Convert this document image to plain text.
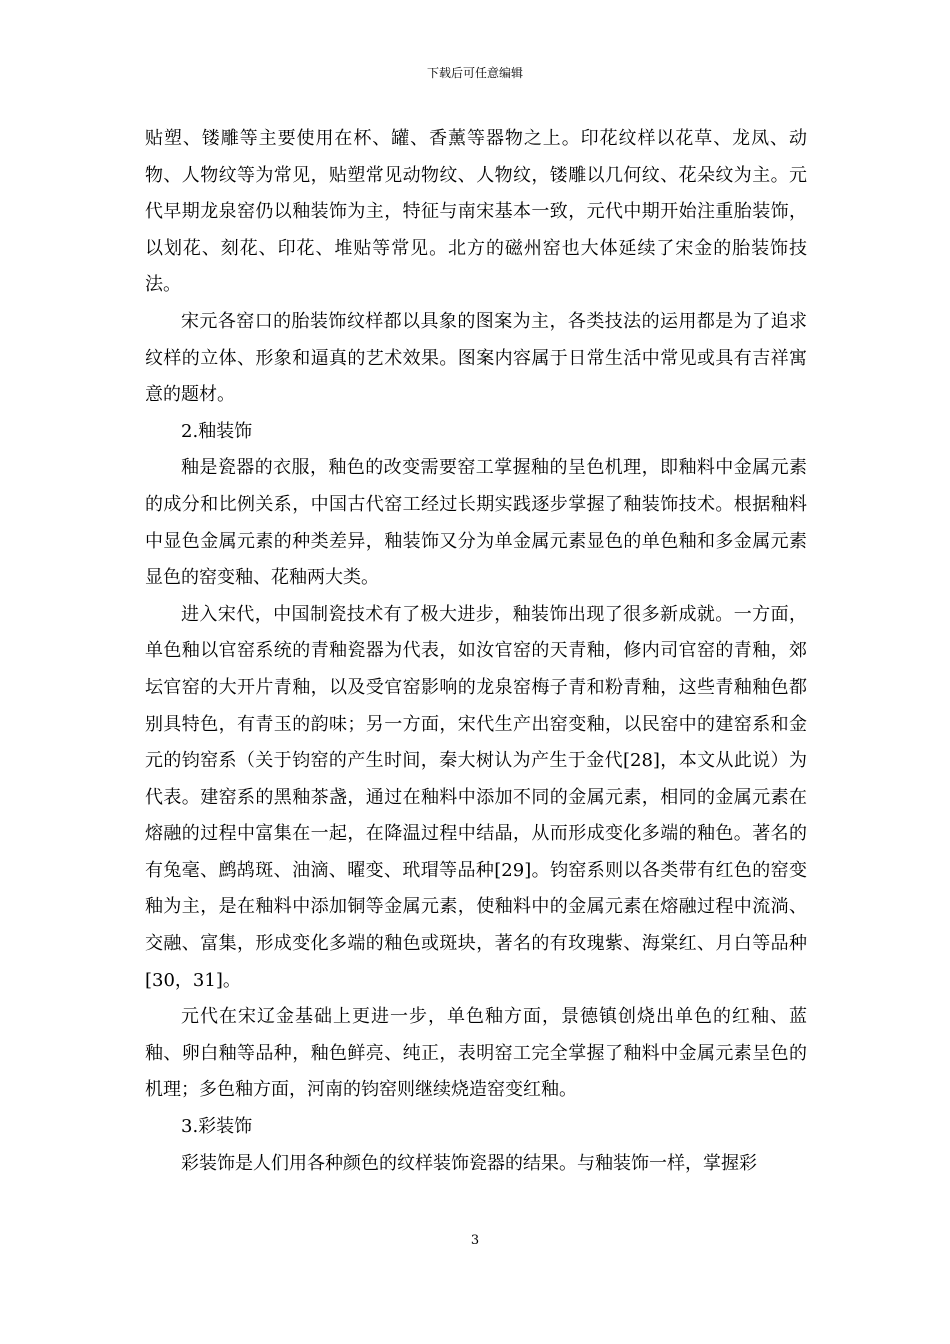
下载后可任意编辑

贴塑、镂雕等主要使用在杯、罐、香薰等器物之上。印花纹样以花草、龙凤、动物、人物纹等为常见，贴塑常见动物纹、人物纹，镂雕以几何纹、花朵纹为主。元代早期龙泉窑仍以釉装饰为主，特征与南宋基本一致，元代中期开始注重胎装饰，以划花、刻花、印花、堆贴等常见。北方的磁州窑也大体延续了宋金的胎装饰技法。

宋元各窑口的胎装饰纹样都以具象的图案为主，各类技法的运用都是为了追求纹样的立体、形象和逼真的艺术效果。图案内容属于日常生活中常见或具有吉祥寓意的题材。

2.釉装饰

釉是瓷器的衣服，釉色的改变需要窑工掌握釉的呈色机理，即釉料中金属元素的成分和比例关系，中国古代窑工经过长期实践逐步掌握了釉装饰技术。根据釉料中显色金属元素的种类差异，釉装饰又分为单金属元素显色的单色釉和多金属元素显色的窑变釉、花釉两大类。

进入宋代，中国制瓷技术有了极大进步，釉装饰出现了很多新成就。一方面，单色釉以官窑系统的青釉瓷器为代表，如汝官窑的天青釉，修内司官窑的青釉，郊坛官窑的大开片青釉，以及受官窑影响的龙泉窑梅子青和粉青釉，这些青釉釉色都别具特色，有青玉的韵味；另一方面，宋代生产出窑变釉，以民窑中的建窑系和金元的钧窑系（关于钧窑的产生时间，秦大树认为产生于金代[28]，本文从此说）为代表。建窑系的黑釉茶盏，通过在釉料中添加不同的金属元素，相同的金属元素在熔融的过程中富集在一起，在降温过程中结晶，从而形成变化多端的釉色。著名的有兔毫、鹧鸪斑、油滴、曜变、玳瑁等品种[29]。钧窑系则以各类带有红色的窑变釉为主，是在釉料中添加铜等金属元素，使釉料中的金属元素在熔融过程中流淌、交融、富集，形成变化多端的釉色或斑块，著名的有玫瑰紫、海棠红、月白等品种[30，31]。

元代在宋辽金基础上更进一步，单色釉方面，景德镇创烧出单色的红釉、蓝釉、卵白釉等品种，釉色鲜亮、纯正，表明窑工完全掌握了釉料中金属元素呈色的机理；多色釉方面，河南的钧窑则继续烧造窑变红釉。

3.彩装饰

彩装饰是人们用各种颜色的纹样装饰瓷器的结果。与釉装饰一样，掌握彩

3
